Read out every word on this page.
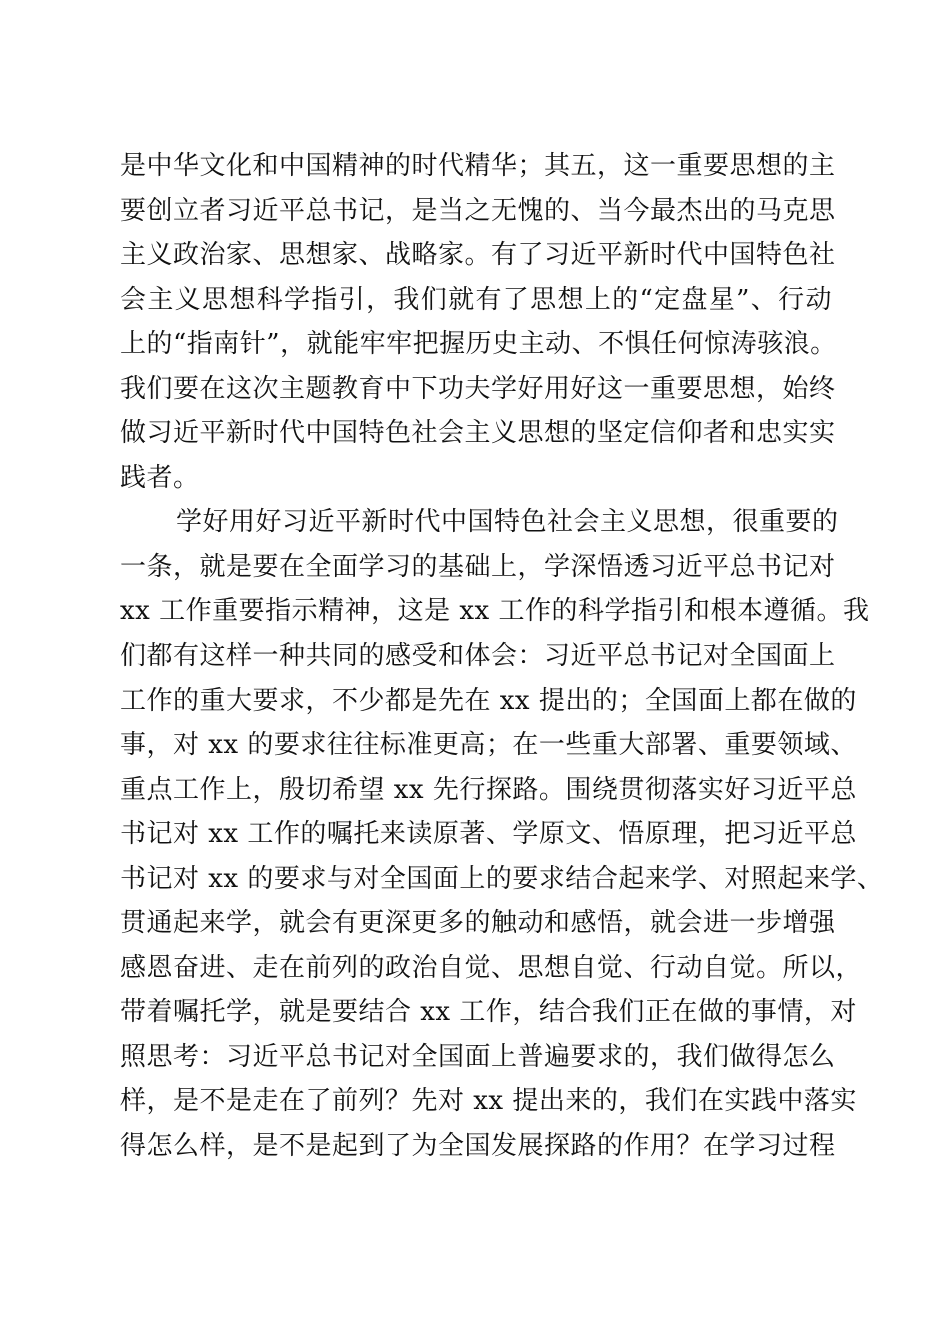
是中华文化和中国精神的时代精华；其五，这一重要思想的主
要创立者习近平总书记，是当之无愧的、当今最杰出的马克思
主义政治家、思想家、战略家。有了习近平新时代中国特色社
会主义思想科学指引，我们就有了思想上的“定盘星”、行动
上的“指南针”，就能牢牢把握历史主动、不惧任何惊涛骇浪。
我们要在这次主题教育中下功夫学好用好这一重要思想，始终
做习近平新时代中国特色社会主义思想的坚定信仰者和忠实实
践者。
学好用好习近平新时代中国特色社会主义思想，很重要的
一条，就是要在全面学习的基础上，学深悟透习近平总书记对
xx 工作重要指示精神，这是 xx 工作的科学指引和根本遵循。我
们都有这样一种共同的感受和体会：习近平总书记对全国面上
工作的重大要求，不少都是先在 xx 提出的；全国面上都在做的
事，对 xx 的要求往往标准更高；在一些重大部署、重要领域、
重点工作上，殷切希望 xx 先行探路。围绕贯彻落实好习近平总
书记对 xx 工作的嘱托来读原著、学原文、悟原理，把习近平总
书记对 xx 的要求与对全国面上的要求结合起来学、对照起来学、
贯通起来学，就会有更深更多的触动和感悟，就会进一步增强
感恩奋进、走在前列的政治自觉、思想自觉、行动自觉。所以，
带着嘱托学，就是要结合 xx 工作，结合我们正在做的事情，对
照思考：习近平总书记对全国面上普遍要求的，我们做得怎么
样，是不是走在了前列？先对 xx 提出来的，我们在实践中落实
得怎么样，是不是起到了为全国发展探路的作用？在学习过程
